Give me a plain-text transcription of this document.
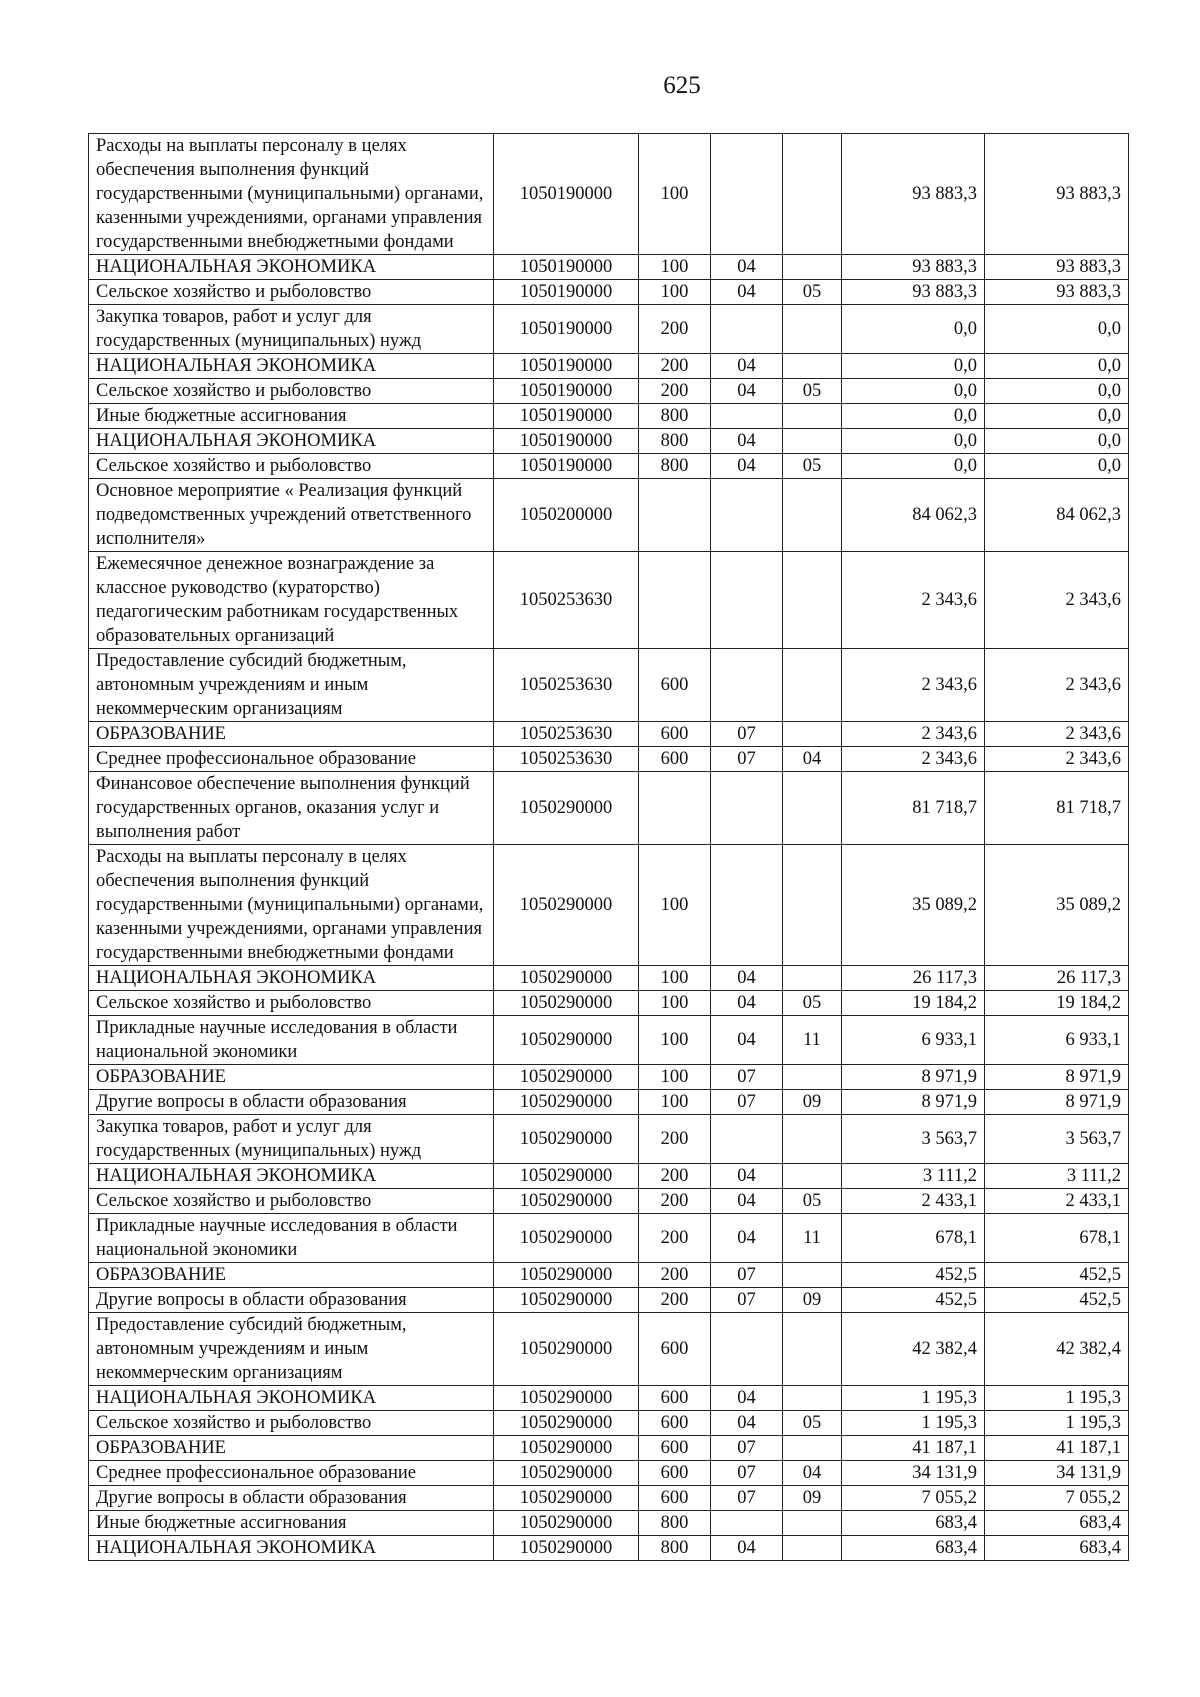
625
Расходы на выплаты персоналу в целях обеспечения выполнения функций государственными (муниципальными) органами, казенными учреждениями, органами управления государственными внебюджетными фондами	1050190000	100			93 883,3	93 883,3
НАЦИОНАЛЬНАЯ ЭКОНОМИКА	1050190000	100	04		93 883,3	93 883,3
Сельское хозяйство и рыболовство	1050190000	100	04	05	93 883,3	93 883,3
Закупка товаров, работ и услуг для государственных (муниципальных) нужд	1050190000	200			0,0	0,0
НАЦИОНАЛЬНАЯ ЭКОНОМИКА	1050190000	200	04		0,0	0,0
Сельское хозяйство и рыболовство	1050190000	200	04	05	0,0	0,0
Иные бюджетные ассигнования	1050190000	800			0,0	0,0
НАЦИОНАЛЬНАЯ ЭКОНОМИКА	1050190000	800	04		0,0	0,0
Сельское хозяйство и рыболовство	1050190000	800	04	05	0,0	0,0
Основное мероприятие « Реализация функций подведомственных учреждений ответственного исполнителя»	1050200000				84 062,3	84 062,3
Ежемесячное денежное вознаграждение за классное руководство (кураторство) педагогическим работникам государственных образовательных организаций	1050253630				2 343,6	2 343,6
Предоставление субсидий бюджетным, автономным учреждениям и иным некоммерческим организациям	1050253630	600			2 343,6	2 343,6
ОБРАЗОВАНИЕ	1050253630	600	07		2 343,6	2 343,6
Среднее профессиональное образование	1050253630	600	07	04	2 343,6	2 343,6
Финансовое обеспечение выполнения функций государственных органов, оказания услуг и выполнения работ	1050290000				81 718,7	81 718,7
Расходы на выплаты персоналу в целях обеспечения выполнения функций государственными (муниципальными) органами, казенными учреждениями, органами управления государственными внебюджетными фондами	1050290000	100			35 089,2	35 089,2
НАЦИОНАЛЬНАЯ ЭКОНОМИКА	1050290000	100	04		26 117,3	26 117,3
Сельское хозяйство и рыболовство	1050290000	100	04	05	19 184,2	19 184,2
Прикладные научные исследования в области национальной экономики	1050290000	100	04	11	6 933,1	6 933,1
ОБРАЗОВАНИЕ	1050290000	100	07		8 971,9	8 971,9
Другие вопросы в области образования	1050290000	100	07	09	8 971,9	8 971,9
Закупка товаров, работ и услуг для государственных (муниципальных) нужд	1050290000	200			3 563,7	3 563,7
НАЦИОНАЛЬНАЯ ЭКОНОМИКА	1050290000	200	04		3 111,2	3 111,2
Сельское хозяйство и рыболовство	1050290000	200	04	05	2 433,1	2 433,1
Прикладные научные исследования в области национальной экономики	1050290000	200	04	11	678,1	678,1
ОБРАЗОВАНИЕ	1050290000	200	07		452,5	452,5
Другие вопросы в области образования	1050290000	200	07	09	452,5	452,5
Предоставление субсидий бюджетным, автономным учреждениям и иным некоммерческим организациям	1050290000	600			42 382,4	42 382,4
НАЦИОНАЛЬНАЯ ЭКОНОМИКА	1050290000	600	04		1 195,3	1 195,3
Сельское хозяйство и рыболовство	1050290000	600	04	05	1 195,3	1 195,3
ОБРАЗОВАНИЕ	1050290000	600	07		41 187,1	41 187,1
Среднее профессиональное образование	1050290000	600	07	04	34 131,9	34 131,9
Другие вопросы в области образования	1050290000	600	07	09	7 055,2	7 055,2
Иные бюджетные ассигнования	1050290000	800			683,4	683,4
НАЦИОНАЛЬНАЯ ЭКОНОМИКА	1050290000	800	04		683,4	683,4
